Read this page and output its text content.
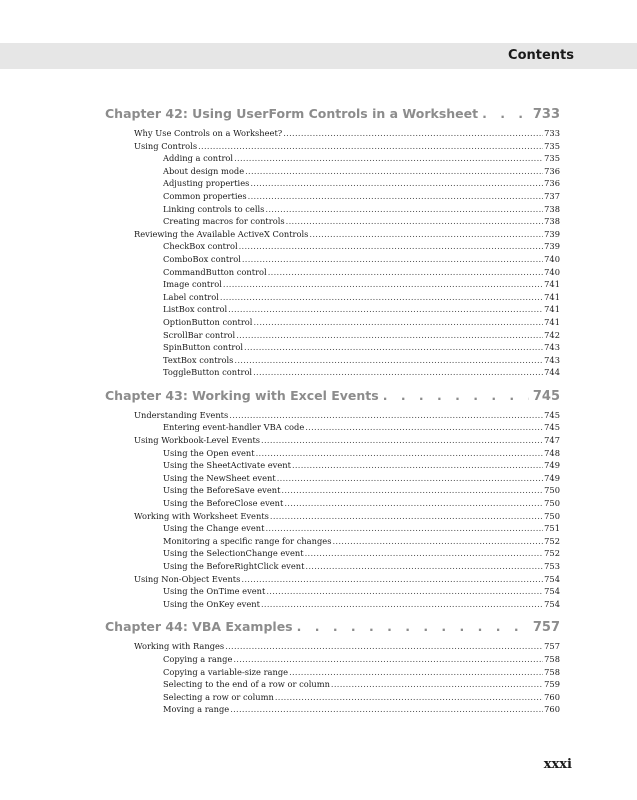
Contents
Chapter 42: Using UserForm Controls in a Worksheet . . .	733
Why Use Controls on a Worksheet? .....	733
Using Controls .....	735
Adding a control .....	735
About design mode .....	736
Adjusting properties .....	736
Common properties .....	737
Linking controls to cells .....	738
Creating macros for controls .....	738
Reviewing the Available ActiveX Controls .....	739
CheckBox control .....	739
ComboBox control .....	740
CommandButton control .....	740
Image control .....	741
Label control .....	741
ListBox control .....	741
OptionButton control .....	741
ScrollBar control .....	742
SpinButton control .....	743
TextBox controls .....	743
ToggleButton control .....	744
Chapter 43: Working with Excel Events . . .	745
Understanding Events .....	745
Entering event-handler VBA code .....	745
Using Workbook-Level Events .....	747
Using the Open event .....	748
Using the SheetActivate event .....	749
Using the NewSheet event .....	749
Using the BeforeSave event .....	750
Using the BeforeClose event .....	750
Working with Worksheet Events .....	750
Using the Change event .....	751
Monitoring a specific range for changes .....	752
Using the SelectionChange event .....	752
Using the BeforeRightClick event .....	753
Using Non-Object Events .....	754
Using the OnTime event .....	754
Using the OnKey event .....	754
Chapter 44: VBA Examples . . .	757
Working with Ranges .....	757
Copying a range .....	758
Copying a variable-size range .....	758
Selecting to the end of a row or column .....	759
Selecting a row or column .....	760
Moving a range .....	760
xxxi
